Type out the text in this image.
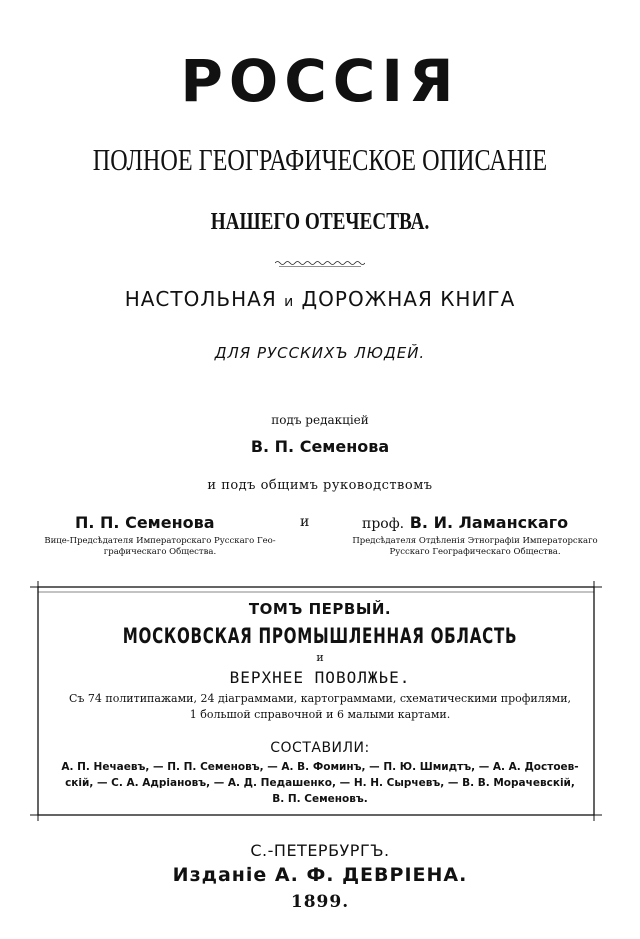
РОССІЯ
ПОЛНОЕ ГЕОГРАФИЧЕСКОЕ ОПИСАНІЕ
НАШЕГО ОТЕЧЕСТВА.
НАСТОЛЬНАЯ и ДОРОЖНАЯ КНИГА
ДЛЯ РУССКИХЪ ЛЮДЕЙ.
подъ редакціей
В. П. Семенова
и подъ общимъ руководствомъ
П. П. Семенова
Вице-Предсѣдателя Императорскаго Русскаго Гео-
графическаго Общества.
и	проф. В. И. Ламанскаго
Предсѣдателя Отдѣленія Этнографіи Императорскаго
Русскаго Географическаго Общества.
ТОМЪ ПЕРВЫЙ.
МОСКОВСКАЯ ПРОМЫШЛЕННАЯ ОБЛАСТЬ
и
ВЕРХНЕЕ ПОВОЛЖЬЕ.
Съ 74 политипажами, 24 діаграммами, картограммами, схематическими профилями,
1 большой справочной и 6 малыми картами.
СОСТАВИЛИ:
А. П. Нечаевъ, — П. П. Семеновъ, — А. В. Фоминъ, — П. Ю. Шмидтъ, — А. А. Достоев-
скій, — С. А. Адріановъ, — А. Д. Педашенко, — Н. Н. Сырчевъ, — В. В. Морачевскій,
В. П. Семеновъ.
С.-ПЕТЕРБУРГЪ.
Изданіе А. Ф. ДЕВРІЕНА.
1899.
